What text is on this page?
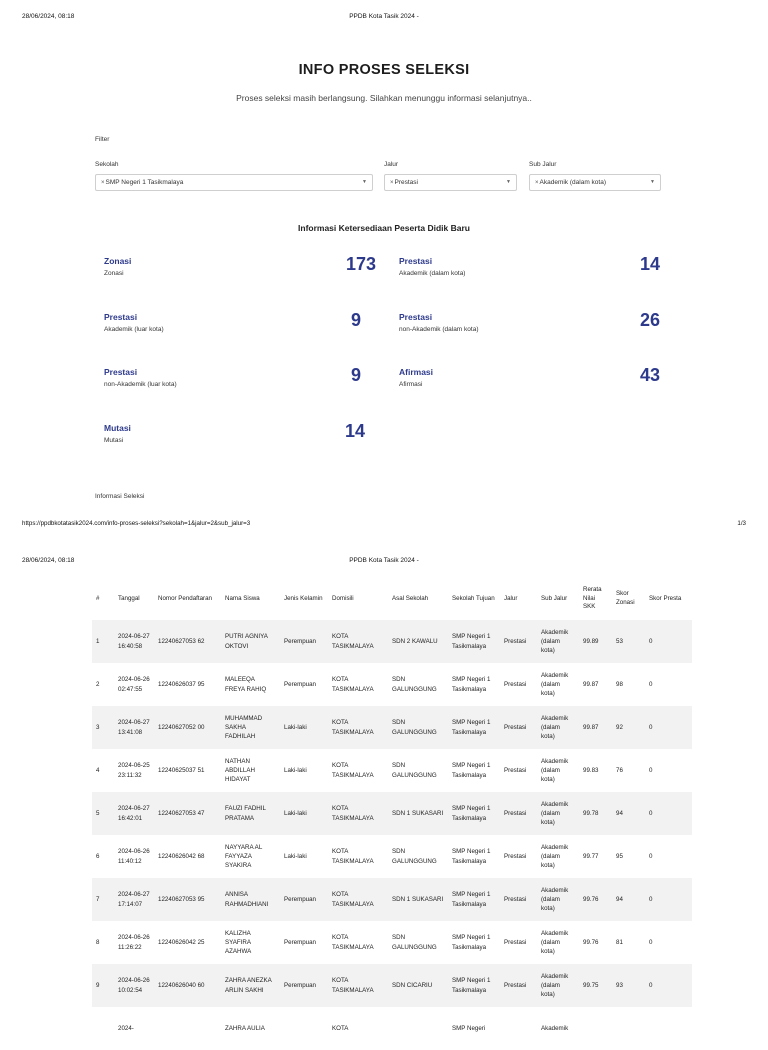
28/06/2024, 08:18	PPDB Kota Tasik 2024 -
INFO PROSES SELEKSI
Proses seleksi masih berlangsung. Silahkan menunggu informasi selanjutnya..
Filter
Sekolah
× SMP Negeri 1 Tasikmalaya	▼
Jalur
× Prestasi	▼
Sub Jalur
× Akademik (dalam kota)	▼
Informasi Ketersediaan Peserta Didik Baru
Zonasi
Zonasi	173	Prestasi
Akademik (dalam kota)	14
Prestasi
Akademik (luar kota)	9	Prestasi
non-Akademik (dalam kota)	26
Prestasi
non-Akademik (luar kota)	9	Afirmasi
Afirmasi	43
Mutasi
Mutasi	14
Informasi Seleksi
https://ppdbkotatasik2024.com/info-proses-seleksi?sekolah=1&jalur=2&sub_jalur=3	1/3
28/06/2024, 08:18	PPDB Kota Tasik 2024 -
#	Tanggal	Nomor Pendaftaran	Nama Siswa	Jenis Kelamin	Domisili	Asal Sekolah	Sekolah Tujuan	Jalur	Sub Jalur	Rerata Nilai SKK	Skor Zonasi	Skor Presta
1	2024-06-27 16:40:58	12240627053 62	PUTRI AGNIYA OKTOVI	Perempuan	KOTA TASIKMALAYA	SDN 2 KAWALU	SMP Negeri 1 Tasikmalaya	Prestasi	Akademik (dalam kota)	99.89	53	0
2	2024-06-26 02:47:55	12240626037 95	MALEEQA FREYA RAHIQ	Perempuan	KOTA TASIKMALAYA	SDN GALUNGGUNG	SMP Negeri 1 Tasikmalaya	Prestasi	Akademik (dalam kota)	99.87	98	0
3	2024-06-27 13:41:08	12240627052 00	MUHAMMAD SAKHA FADHILAH	Laki-laki	KOTA TASIKMALAYA	SDN GALUNGGUNG	SMP Negeri 1 Tasikmalaya	Prestasi	Akademik (dalam kota)	99.87	92	0
4	2024-06-25 23:11:32	12240625037 51	NATHAN ABDILLAH HIDAYAT	Laki-laki	KOTA TASIKMALAYA	SDN GALUNGGUNG	SMP Negeri 1 Tasikmalaya	Prestasi	Akademik (dalam kota)	99.83	76	0
5	2024-06-27 16:42:01	12240627053 47	FAUZI FADHIL PRATAMA	Laki-laki	KOTA TASIKMALAYA	SDN 1 SUKASARI	SMP Negeri 1 Tasikmalaya	Prestasi	Akademik (dalam kota)	99.78	94	0
6	2024-06-26 11:40:12	12240626042 68	NAYYARA AL FAYYAZA SYAKIRA	Laki-laki	KOTA TASIKMALAYA	SDN GALUNGGUNG	SMP Negeri 1 Tasikmalaya	Prestasi	Akademik (dalam kota)	99.77	95	0
7	2024-06-27 17:14:07	12240627053 95	ANNISA RAHMADHIANI	Perempuan	KOTA TASIKMALAYA	SDN 1 SUKASARI	SMP Negeri 1 Tasikmalaya	Prestasi	Akademik (dalam kota)	99.76	94	0
8	2024-06-26 11:26:22	12240626042 25	KALIZHA SYAFIRA AZAHWA	Perempuan	KOTA TASIKMALAYA	SDN GALUNGGUNG	SMP Negeri 1 Tasikmalaya	Prestasi	Akademik (dalam kota)	99.76	81	0
9	2024-06-26 10:02:54	12240626040 60	ZAHRA ANEZKA ARLIN SAKHI	Perempuan	KOTA TASIKMALAYA	SDN CICARIU	SMP Negeri 1 Tasikmalaya	Prestasi	Akademik (dalam kota)	99.75	93	0
	2024-		ZAHRA AULIA		KOTA		SMP Negeri		Akademik			
